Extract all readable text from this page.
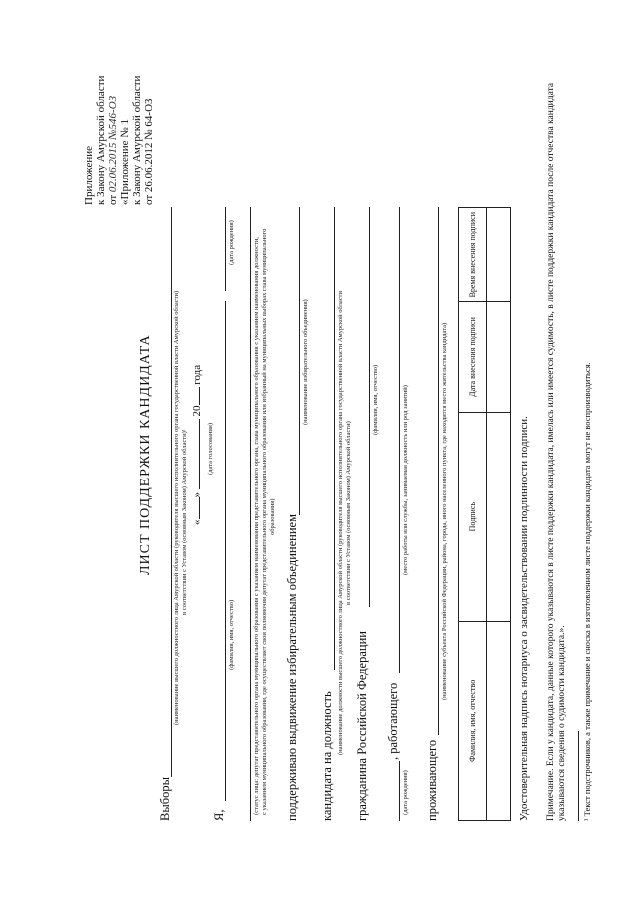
Приложение к Закону Амурской области от 02.06.2015 №546-ОЗ «Приложение № 1 к Закону Амурской области от 26.06.2012 № 64-ОЗ
ЛИСТ ПОДДЕРЖКИ КАНДИДАТА
Выборы
(наименование высшего должностного лица Амурской области (руководителя высшего исполнительного органа государственной власти Амурской области) в соответствии с Уставом (основным Законом) Амурской области)¹ «»  20 года
(дата голосования)
Я,
(фамилия, имя, отчество)
(дата рождения)	(статус лица: депутат представительного органа муниципального образования с указанием наименования представительного органа, глава муниципального образования с указанием наименования должности, с указанием муниципального образования, где осуществляет свои полномочия депутат представительного органа муниципального образования или избранный на муниципальных выборах глава муниципального образования) поддерживаю выдвижение избирательным объединением
(наименование избирательного объединения)
кандидата на должность
(наименование должности высшего должностного лица Амурской области (руководителя высшего исполнительного органа государственной власти Амурской области в соответствии с Уставом (основным Законом) Амурской области)
гражданина Российской Федерации
(фамилия, имя, отчество)
, работающего
(дата рождения)
(место работы или службы, занимаемая должность или род занятий)
проживающего
(наименование субъекта Российской Федерации, района, города, иного населенного пункта, где находится место жительства кандидата)
Фамилия, имя, отчество	Подпись	Дата внесения подписи	Время внесения подписи

Удостоверительная надпись нотариуса о засвидетельствовании подлинности подписи. Примечание. Если у кандидата, данные которого указываются в листе поддержки кандидата, имелась или имеется судимость, в листе поддержки кандидата после отчества кандидата указываются сведения о судимости кандидата.». ¹ Текст подстрочников, а также примечание и сноска в изготовленном листе поддержки кандидата могут не воспроизводиться.
